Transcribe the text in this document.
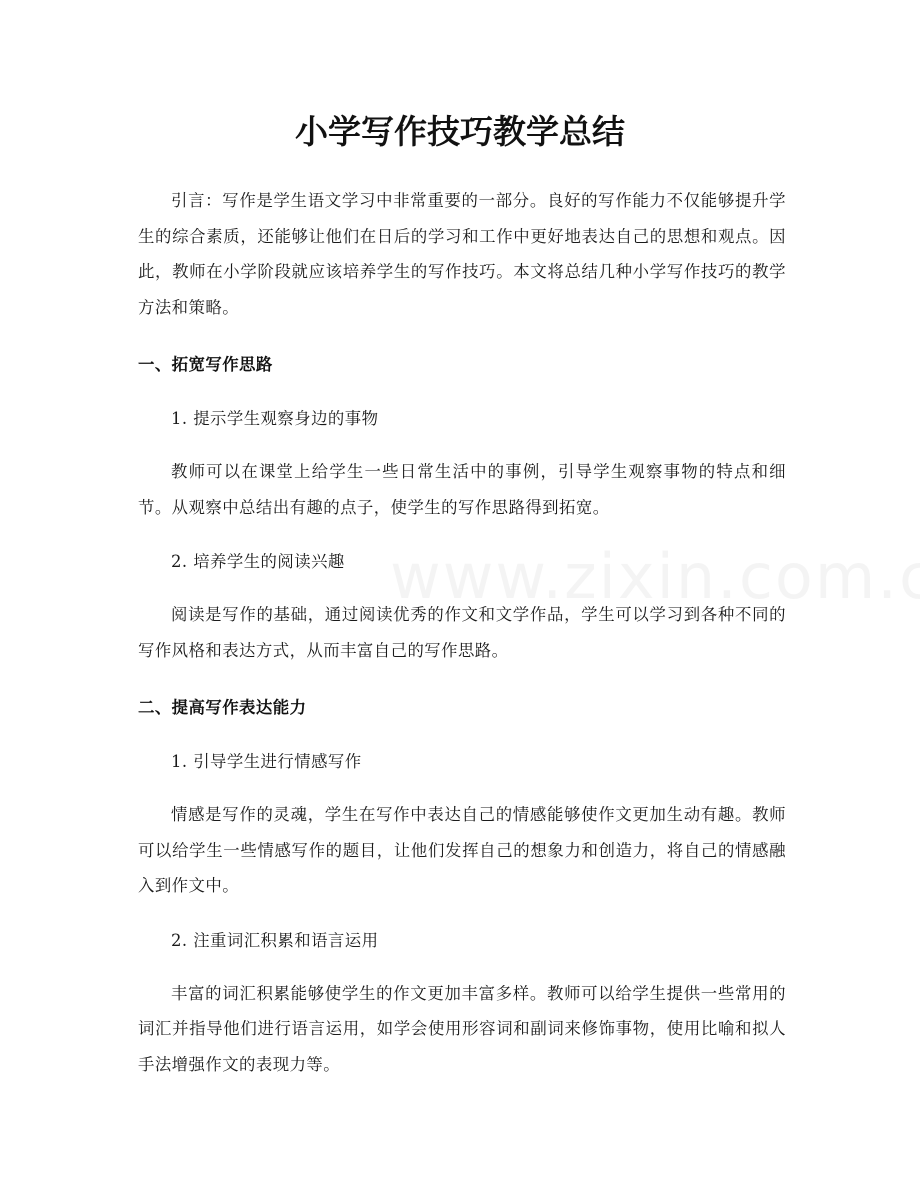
小学写作技巧教学总结

引言：写作是学生语文学习中非常重要的一部分。良好的写作能力不仅能够提升学生的综合素质，还能够让他们在日后的学习和工作中更好地表达自己的思想和观点。因此，教师在小学阶段就应该培养学生的写作技巧。本文将总结几种小学写作技巧的教学方法和策略。

一、拓宽写作思路

1. 提示学生观察身边的事物

教师可以在课堂上给学生一些日常生活中的事例，引导学生观察事物的特点和细节。从观察中总结出有趣的点子，使学生的写作思路得到拓宽。

2. 培养学生的阅读兴趣

阅读是写作的基础，通过阅读优秀的作文和文学作品，学生可以学习到各种不同的写作风格和表达方式，从而丰富自己的写作思路。

二、提高写作表达能力

1. 引导学生进行情感写作

情感是写作的灵魂，学生在写作中表达自己的情感能够使作文更加生动有趣。教师可以给学生一些情感写作的题目，让他们发挥自己的想象力和创造力，将自己的情感融入到作文中。

2. 注重词汇积累和语言运用

丰富的词汇积累能够使学生的作文更加丰富多样。教师可以给学生提供一些常用的词汇并指导他们进行语言运用，如学会使用形容词和副词来修饰事物，使用比喻和拟人手法增强作文的表现力等。
